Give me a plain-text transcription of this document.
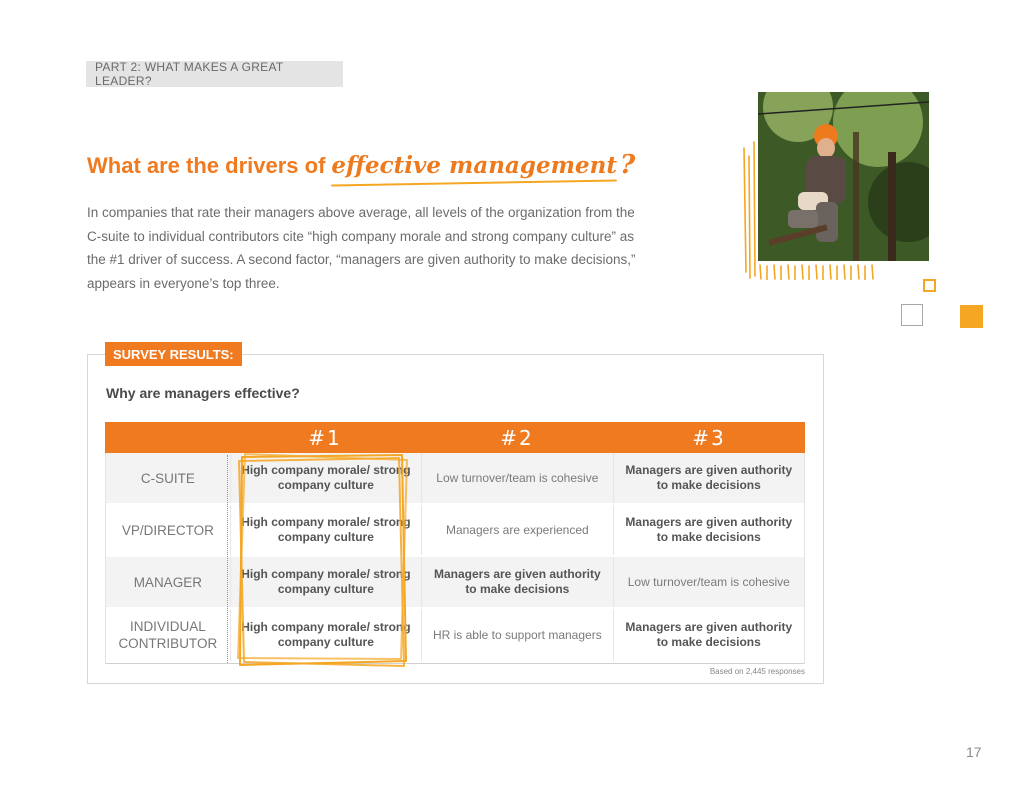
PART 2: WHAT MAKES A GREAT LEADER?
What are the drivers of effective management ?

In companies that rate their managers above average, all levels of the organization from the C-suite to individual contributors cite “high company morale and strong company culture” as the #1 driver of success. A second factor, “managers are given authority to make decisions,” appears in everyone’s top three.

SURVEY RESULTS:
Why are managers effective?
#1	#2	#3
C-SUITE
High company morale/ strong company culture
Low turnover/team is cohesive
Managers are given authority to make decisions
VP/DIRECTOR
High company morale/ strong company culture
Managers are experienced
Managers are given authority to make decisions
MANAGER
High company morale/ strong company culture
Managers are given authority to make decisions
Low turnover/team is cohesive
INDIVIDUAL CONTRIBUTOR
High company morale/ strong company culture
HR is able to support managers
Managers are given authority to make decisions
Based on 2,445 responses
17
